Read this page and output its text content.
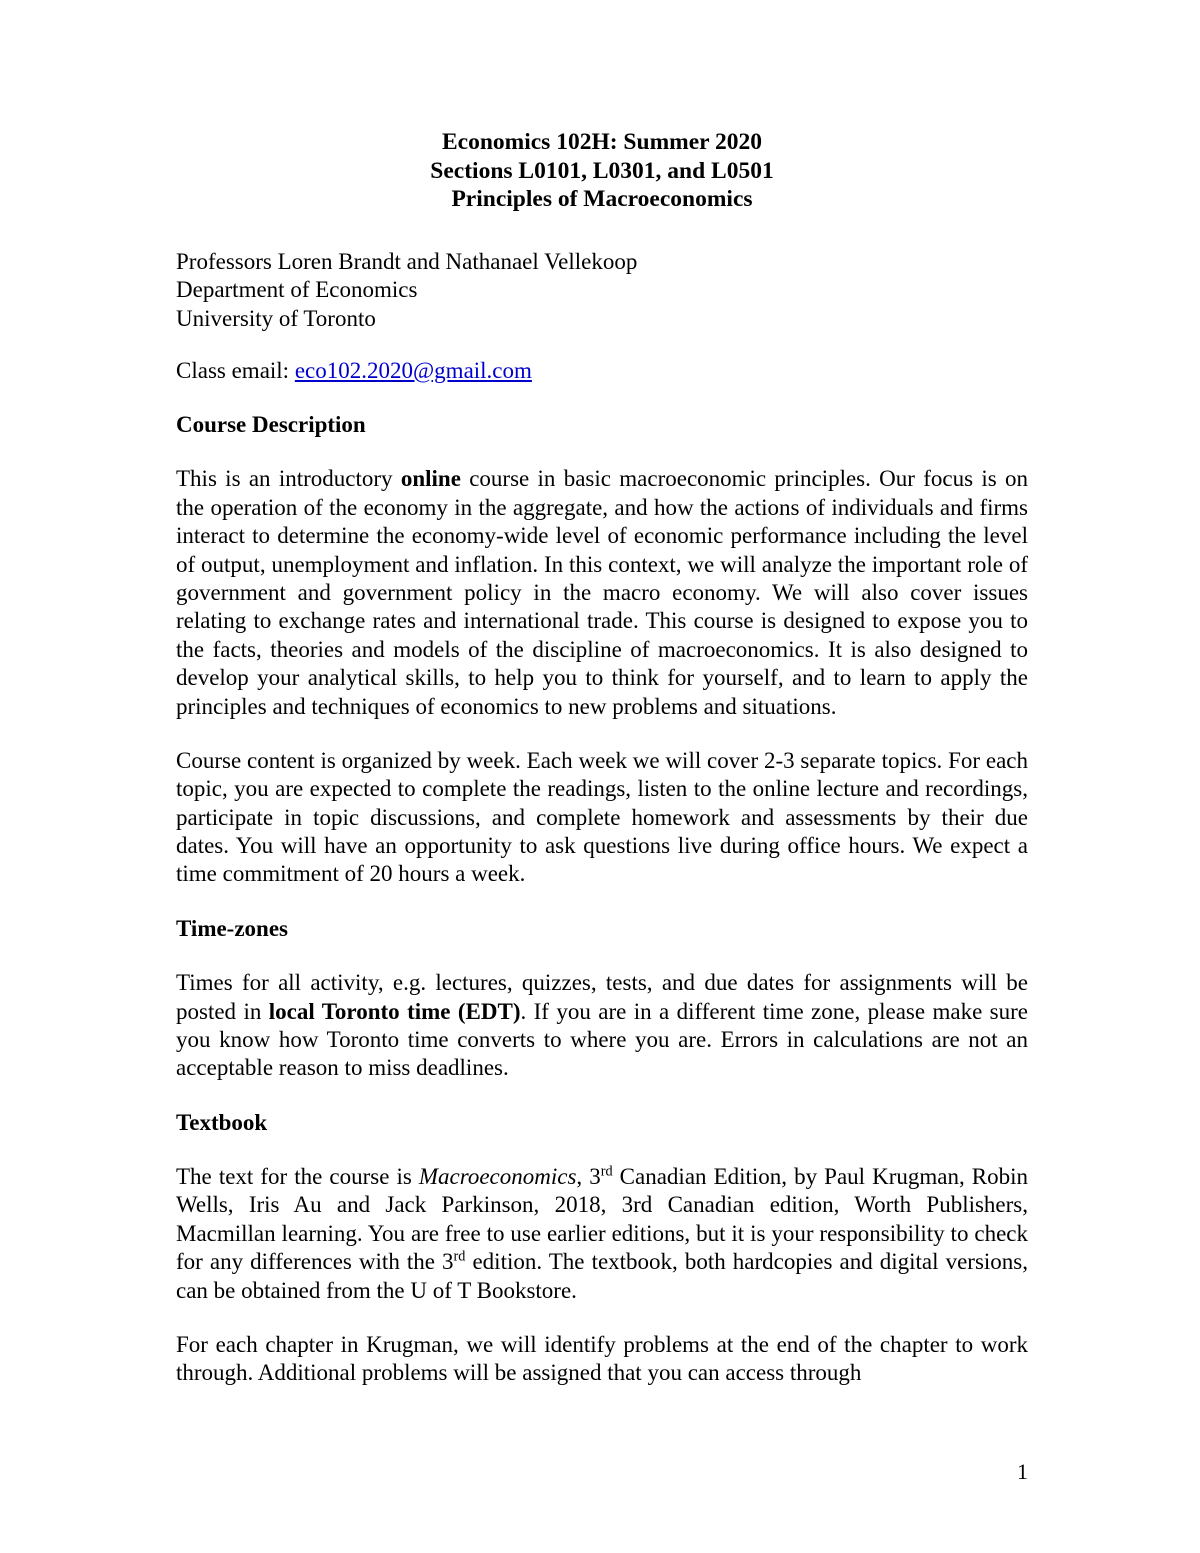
Economics 102H: Summer 2020
Sections L0101, L0301, and L0501
Principles of Macroeconomics
Professors Loren Brandt and Nathanael Vellekoop
Department of Economics
University of Toronto
Class email: eco102.2020@gmail.com
Course Description

This is an introductory online course in basic macroeconomic principles. Our focus is on the operation of the economy in the aggregate, and how the actions of individuals and firms interact to determine the economy-wide level of economic performance including the level of output, unemployment and inflation. In this context, we will analyze the important role of government and government policy in the macro economy. We will also cover issues relating to exchange rates and international trade. This course is designed to expose you to the facts, theories and models of the discipline of macroeconomics. It is also designed to develop your analytical skills, to help you to think for yourself, and to learn to apply the principles and techniques of economics to new problems and situations.

Course content is organized by week. Each week we will cover 2-3 separate topics. For each topic, you are expected to complete the readings, listen to the online lecture and recordings, participate in topic discussions, and complete homework and assessments by their due dates. You will have an opportunity to ask questions live during office hours. We expect a time commitment of 20 hours a week.

Time-zones

Times for all activity, e.g. lectures, quizzes, tests, and due dates for assignments will be posted in local Toronto time (EDT). If you are in a different time zone, please make sure you know how Toronto time converts to where you are. Errors in calculations are not an acceptable reason to miss deadlines.

Textbook

The text for the course is Macroeconomics, 3rd Canadian Edition, by Paul Krugman, Robin Wells, Iris Au and Jack Parkinson, 2018, 3rd Canadian edition, Worth Publishers, Macmillan learning. You are free to use earlier editions, but it is your responsibility to check for any differences with the 3rd edition. The textbook, both hardcopies and digital versions, can be obtained from the U of T Bookstore.

For each chapter in Krugman, we will identify problems at the end of the chapter to work through. Additional problems will be assigned that you can access through

1
